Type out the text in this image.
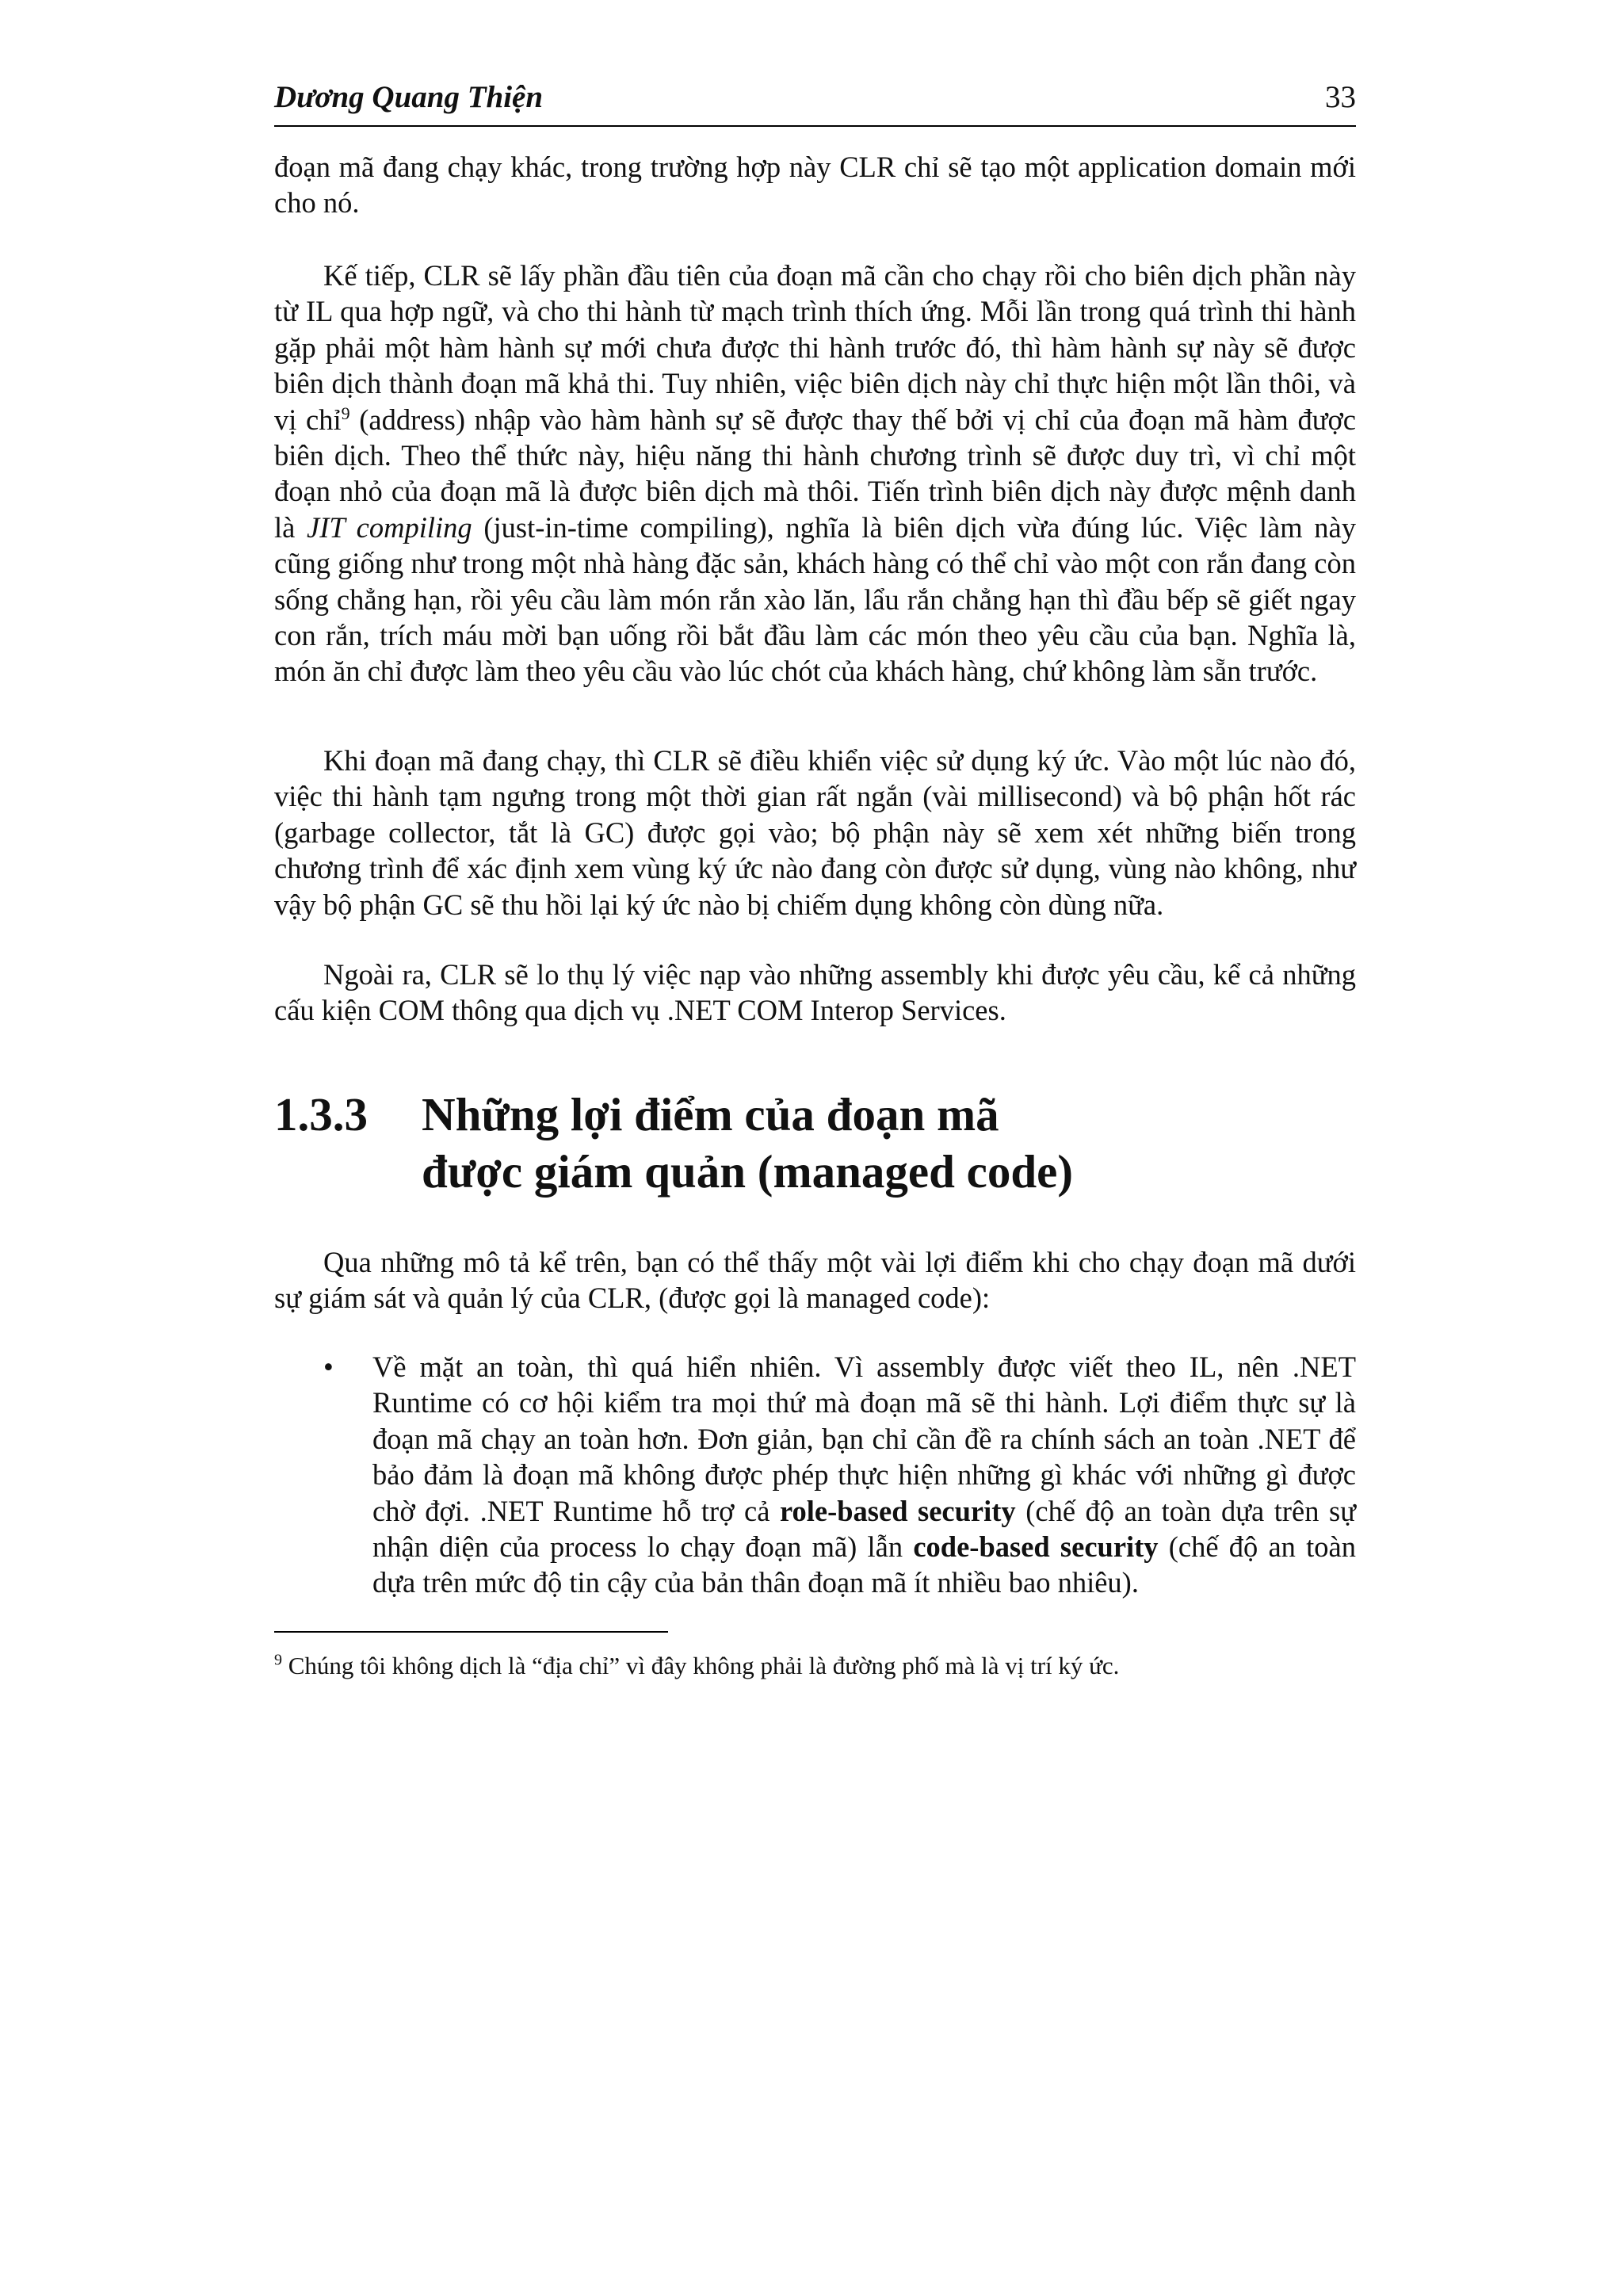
Dương Quang Thiện	33

đoạn mã đang chạy khác, trong trường hợp này CLR chỉ sẽ tạo một application domain mới cho nó.

Kế tiếp, CLR sẽ lấy phần đầu tiên của đoạn mã cần cho chạy rồi cho biên dịch phần này từ IL qua hợp ngữ, và cho thi hành từ mạch trình thích ứng. Mỗi lần trong quá trình thi hành gặp phải một hàm hành sự mới chưa được thi hành trước đó, thì hàm hành sự này sẽ được biên dịch thành đoạn mã khả thi. Tuy nhiên, việc biên dịch này chỉ thực hiện một lần thôi, và vị chỉ$^9$ (address) nhập vào hàm hành sự sẽ được thay thế bởi vị chỉ của đoạn mã hàm được biên dịch. Theo thể thức này, hiệu năng thi hành chương trình sẽ được duy trì, vì chỉ một đoạn nhỏ của đoạn mã là được biên dịch mà thôi. Tiến trình biên dịch này được mệnh danh là JIT compiling (just-in-time compiling), nghĩa là biên dịch vừa đúng lúc. Việc làm này cũng giống như trong một nhà hàng đặc sản, khách hàng có thể chỉ vào một con rắn đang còn sống chẳng hạn, rồi yêu cầu làm món rắn xào lăn, lẩu rắn chẳng hạn thì đầu bếp sẽ giết ngay con rắn, trích máu mời bạn uống rồi bắt đầu làm các món theo yêu cầu của bạn. Nghĩa là, món ăn chỉ được làm theo yêu cầu vào lúc chót của khách hàng, chứ không làm sẵn trước.

Khi đoạn mã đang chạy, thì CLR sẽ điều khiển việc sử dụng ký ức. Vào một lúc nào đó, việc thi hành tạm ngưng trong một thời gian rất ngắn (vài millisecond) và bộ phận hốt rác (garbage collector, tắt là GC) được gọi vào; bộ phận này sẽ xem xét những biến trong chương trình để xác định xem vùng ký ức nào đang còn được sử dụng, vùng nào không, như vậy bộ phận GC sẽ thu hồi lại ký ức nào bị chiếm dụng không còn dùng nữa.

Ngoài ra, CLR sẽ lo thụ lý việc nạp vào những assembly khi được yêu cầu, kể cả những cấu kiện COM thông qua dịch vụ .NET COM Interop Services.

1.3.3 Những lợi điểm của đoạn mã
được giám quản (managed code)

Qua những mô tả kể trên, bạn có thể thấy một vài lợi điểm khi cho chạy đoạn mã dưới sự giám sát và quản lý của CLR, (được gọi là managed code):

• Về mặt an toàn, thì quá hiển nhiên. Vì assembly được viết theo IL, nên .NET Runtime có cơ hội kiểm tra mọi thứ mà đoạn mã sẽ thi hành. Lợi điểm thực sự là đoạn mã chạy an toàn hơn. Đơn giản, bạn chỉ cần đề ra chính sách an toàn .NET để bảo đảm là đoạn mã không được phép thực hiện những gì khác với những gì được chờ đợi. .NET Runtime hỗ trợ cả role-based security (chế độ an toàn dựa trên sự nhận diện của process lo chạy đoạn mã) lẫn code-based security (chế độ an toàn dựa trên mức độ tin cậy của bản thân đoạn mã ít nhiều bao nhiêu).
$^9$ Chúng tôi không dịch là “địa chỉ” vì đây không phải là đường phố mà là vị trí ký ức.
